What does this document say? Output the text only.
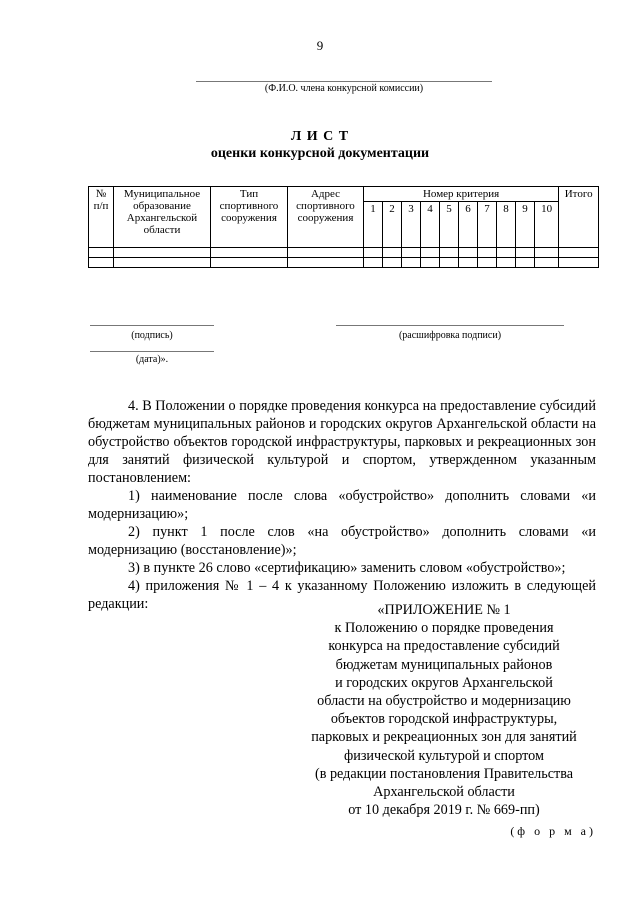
9
(Ф.И.О. члена конкурсной комиссии)
Л И С Т
оценки конкурсной документации
№ п/п	Муниципальное образование Архангельской области	Тип спортивного сооружения	Адрес спортивного сооружения	Номер критерия										Итого
				1	2	3	4	5	6	7	8	9	10	

(подпись)	(расшифровка подписи)
(дата)».

4. В Положении о порядке проведения конкурса на предоставление субсидий бюджетам муниципальных районов и городских округов Архангельской области на обустройство объектов городской инфраструктуры, парковых и рекреационных зон для занятий физической культурой и спортом, утвержденном указанным постановлением:

1) наименование после слова «обустройство» дополнить словами «и модернизацию»;

2) пункт 1 после слов «на обустройство» дополнить словами «и модернизацию (восстановление)»;

3) в пункте 26 слово «сертификацию» заменить словом «обустройство»;

4) приложения № 1 – 4 к указанному Положению изложить в следующей редакции:	«ПРИЛОЖЕНИЕ № 1
к Положению о порядке проведения
конкурса на предоставление субсидий
бюджетам муниципальных районов
и городских округов Архангельской
области на обустройство и модернизацию
объектов городской инфраструктуры,
парковых и рекреационных зон для занятий
физической культурой и спортом
(в редакции постановления Правительства
Архангельской области
от 10 декабря 2019 г. № 669-пп)
(ф о р м а)
